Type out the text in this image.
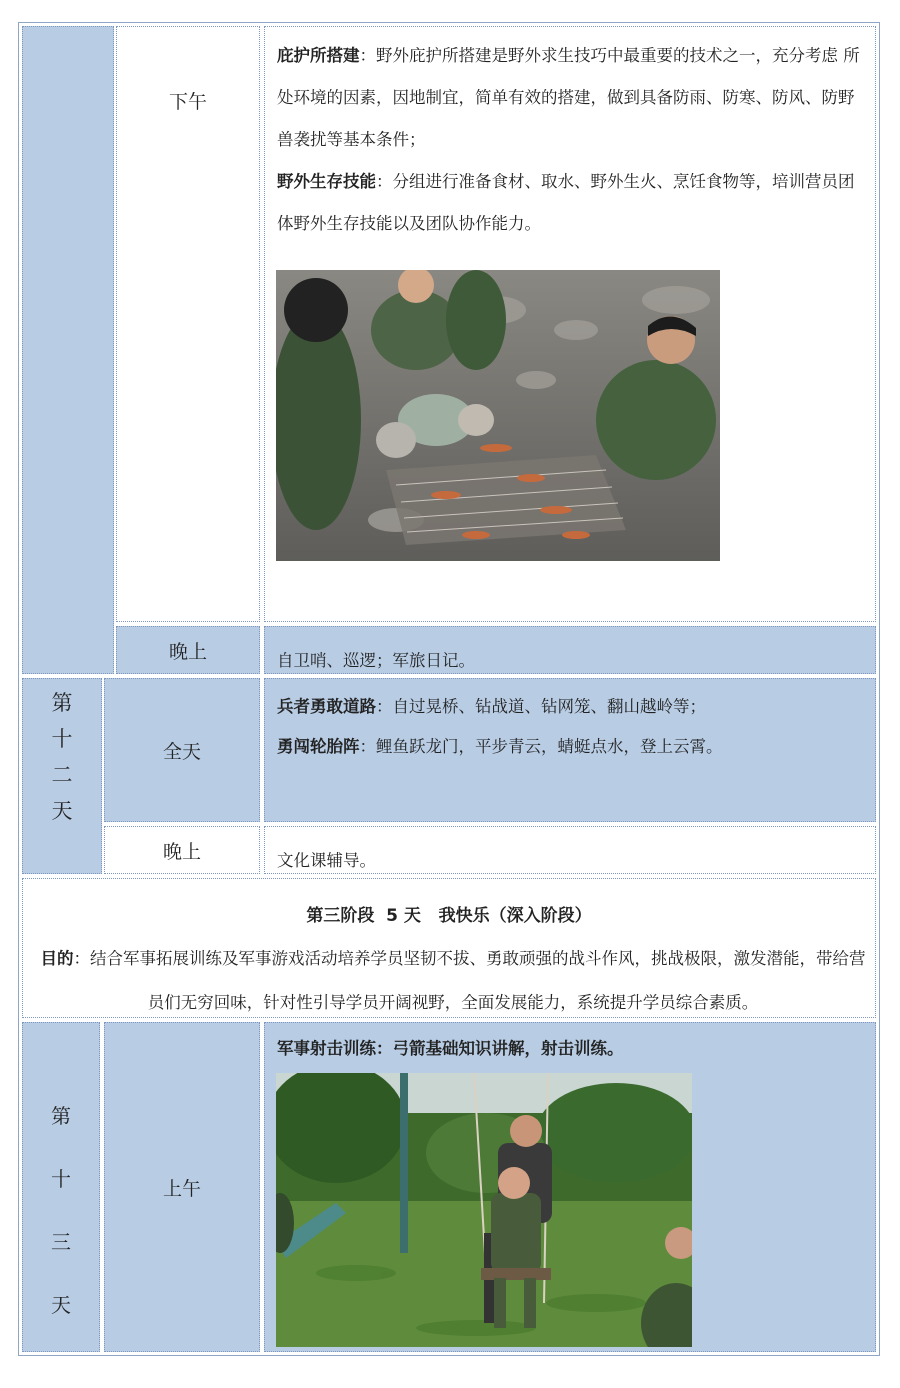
下午
庇护所搭建：野外庇护所搭建是野外求生技巧中最重要的技术之一，充分考虑 所处环境的因素，因地制宜，简单有效的搭建，做到具备防雨、防寒、防风、防野兽袭扰等基本条件；
野外生存技能：分组进行准备食材、取水、野外生火、烹饪食物等，培训营员团体野外生存技能以及团队协作能力。
晚上	自卫哨、巡逻；军旅日记。
第
十
二
天
全天
兵者勇敢道路：自过晃桥、钻战道、钻网笼、翻山越岭等；
勇闯轮胎阵：鲤鱼跃龙门，平步青云，蜻蜓点水，登上云霄。
晚上	文化课辅导。
第三阶段  5 天   我快乐（深入阶段）
目的：结合军事拓展训练及军事游戏活动培养学员坚韧不拔、勇敢顽强的战斗作风，挑战极限，激发潜能，带给营员们无穷回味，针对性引导学员开阔视野，全面发展能力，系统提升学员综合素质。
第
十
三
天
上午
军事射击训练：弓箭基础知识讲解，射击训练。
